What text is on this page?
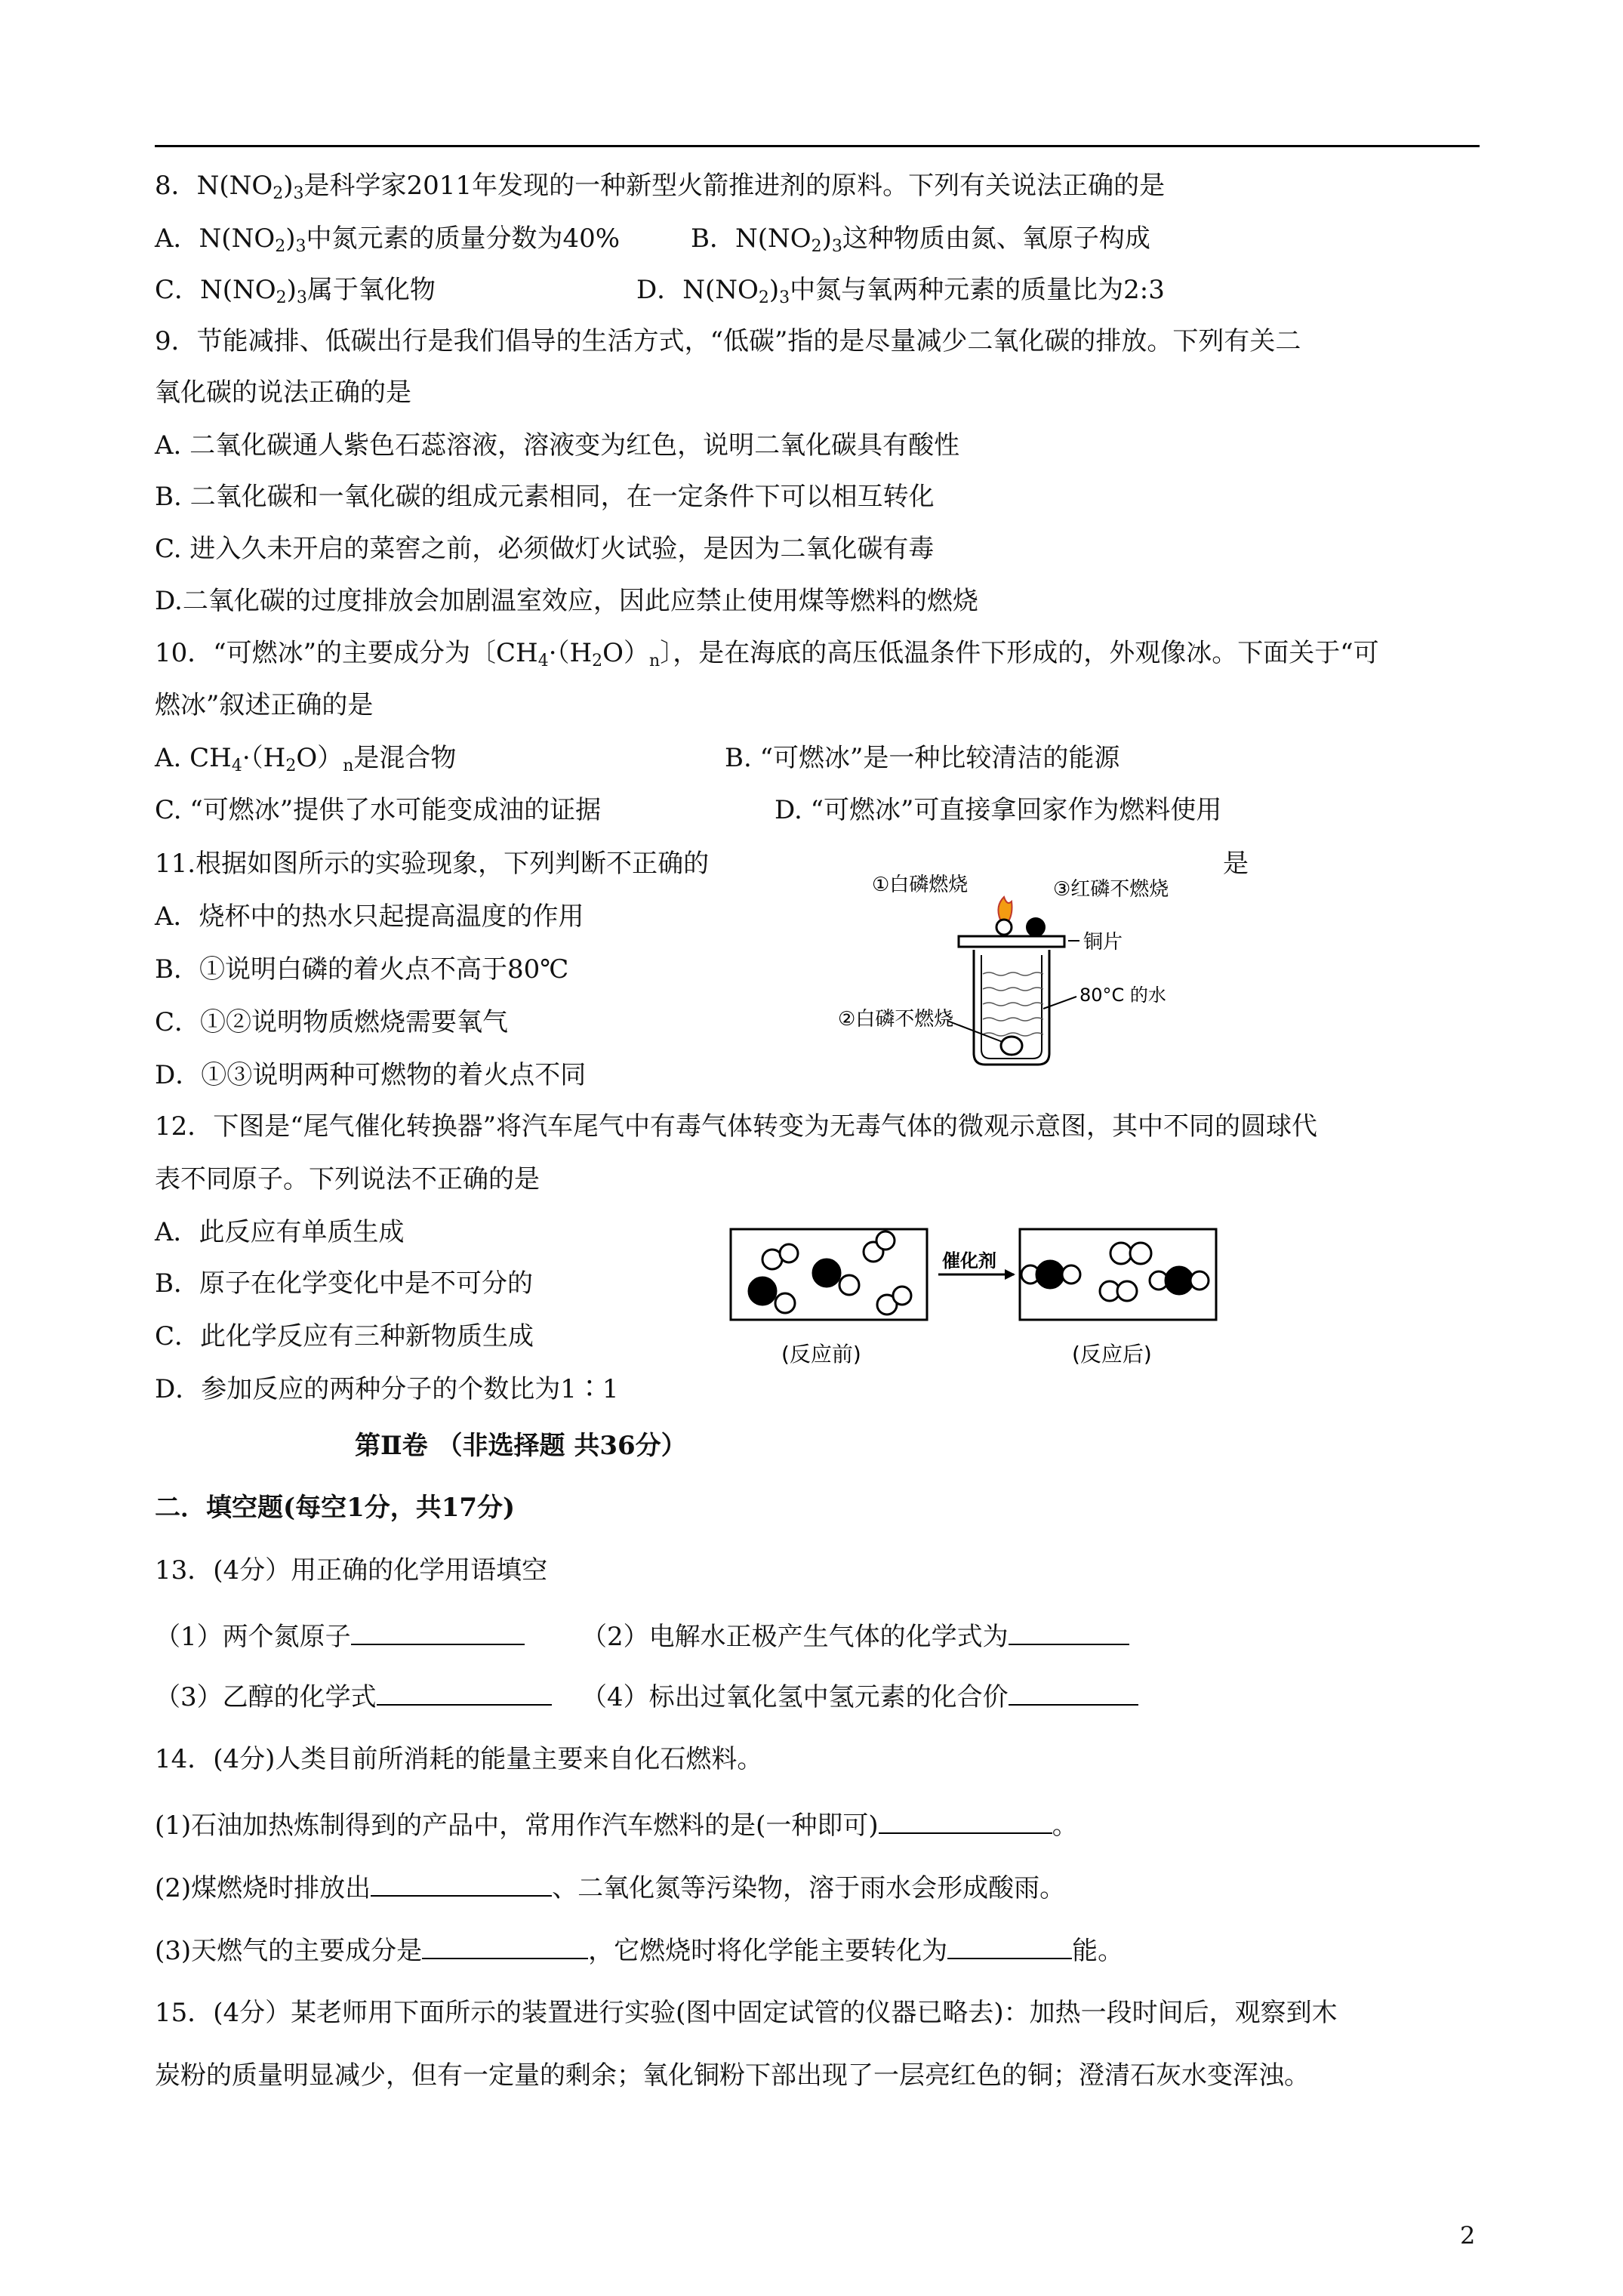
8．$N(NO_2)_3$是科学家2011年发现的一种新型火箭推进剂的原料。下列有关说法正确的是
A．$N(NO_2)_3$中氮元素的质量分数为40%	B．$N(NO_2)_3$这种物质由氮、氧原子构成
C．$N(NO_2)_3$属于氧化物	D．$N(NO_2)_3$中氮与氧两种元素的质量比为2:3
9．节能减排、低碳出行是我们倡导的生活方式，“低碳”指的是尽量减少二氧化碳的排放。下列有关二
氧化碳的说法正确的是
A. 二氧化碳通人紫色石蕊溶液，溶液变为红色，说明二氧化碳具有酸性
B. 二氧化碳和一氧化碳的组成元素相同，在一定条件下可以相互转化
C. 进入久未开启的菜窖之前，必须做灯火试验，是因为二氧化碳有毒
D.二氧化碳的过度排放会加剧温室效应，因此应禁止使用煤等燃料的燃烧
10．“可燃冰”的主要成分为〔$CH_4\cdot(H_2O)_n$〕，是在海底的高压低温条件下形成的，外观像冰。下面关于“可
燃冰”叙述正确的是
A. $CH_4\cdot(H_2O)_n$是混合物	B. “可燃冰”是一种比较清洁的能源
C. “可燃冰”提供了水可能变成油的证据	D. “可燃冰”可直接拿回家作为燃料使用
11.根据如图所示的实验现象，下列判断不正确的	是
A．烧杯中的热水只起提高温度的作用
B．①说明白磷的着火点不高于80℃
C．①②说明物质燃烧需要氧气
D．①③说明两种可燃物的着火点不同
①白磷燃烧	③红磷不燃烧
铜片
②白磷不燃烧
80°C 的水
12．下图是“尾气催化转换器”将汽车尾气中有毒气体转变为无毒气体的微观示意图，其中不同的圆球代
表不同原子。下列说法不正确的是
A．此反应有单质生成
B．原子在化学变化中是不可分的
C．此化学反应有三种新物质生成
D．参加反应的两种分子的个数比为1∶1
催化剂
(反应前)	(反应后)
第Ⅱ卷 （非选择题 共36分）
二．填空题(每空1分，共17分)
13．(4分）用正确的化学用语填空
（1）两个氮原子	（2）电解水正极产生气体的化学式为
（3）乙醇的化学式	（4）标出过氧化氢中氢元素的化合价
14．(4分)人类目前所消耗的能量主要来自化石燃料。
(1)石油加热炼制得到的产品中，常用作汽车燃料的是(一种即可)	。
(2)煤燃烧时排放出	、二氧化氮等污染物，溶于雨水会形成酸雨。
(3)天燃气的主要成分是	，它燃烧时将化学能主要转化为	能。
15．(4分）某老师用下面所示的装置进行实验(图中固定试管的仪器已略去)：加热一段时间后，观察到木
炭粉的质量明显减少，但有一定量的剩余；氧化铜粉下部出现了一层亮红色的铜；澄清石灰水变浑浊。
2
